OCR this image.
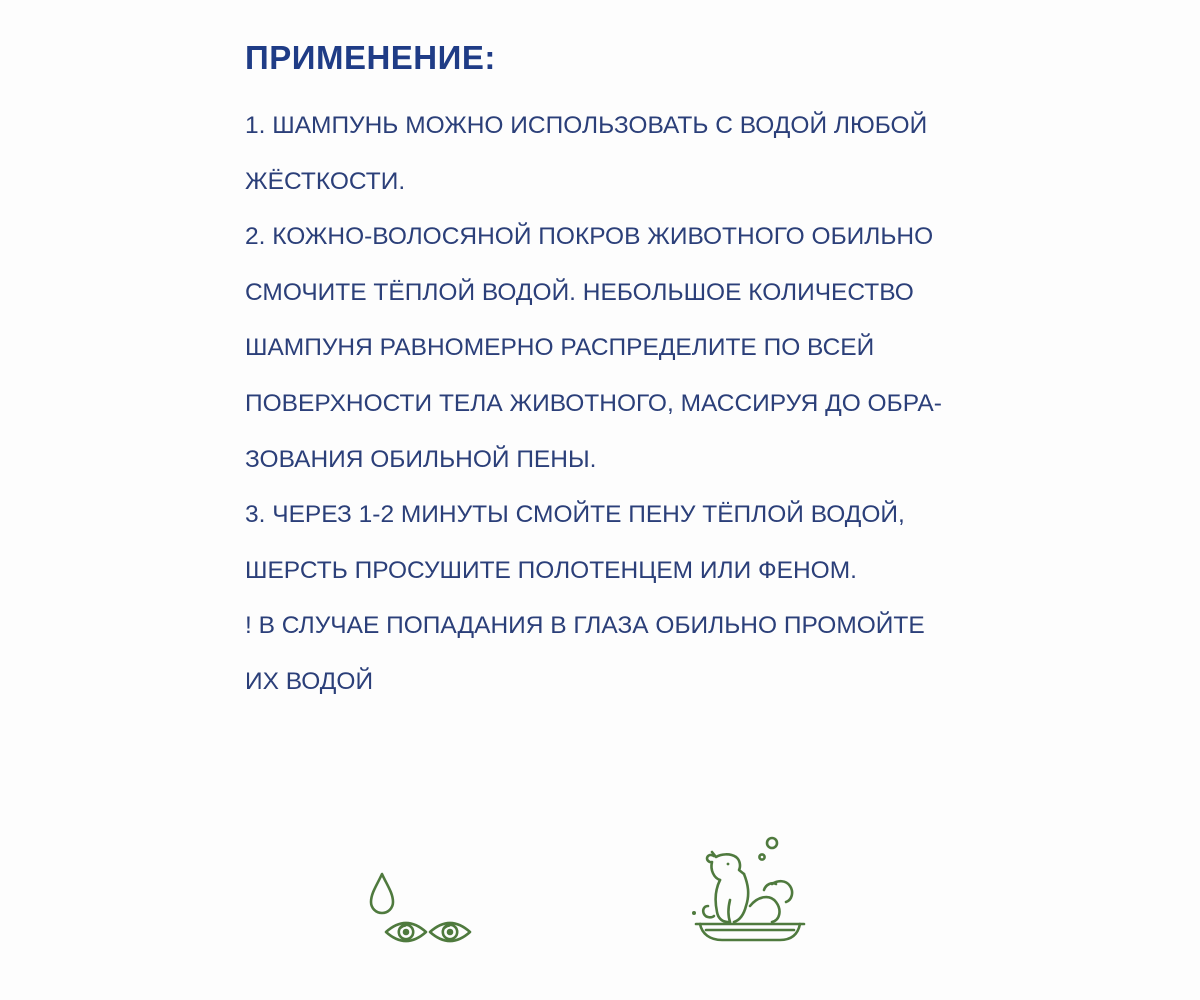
ПРИМЕНЕНИЕ:

1. ШАМПУНЬ МОЖНО ИСПОЛЬЗОВАТЬ С ВОДОЙ ЛЮБОЙ

ЖЁСТКОСТИ.

2. КОЖНО-ВОЛОСЯНОЙ ПОКРОВ ЖИВОТНОГО ОБИЛЬНО

СМОЧИТЕ ТЁПЛОЙ ВОДОЙ. НЕБОЛЬШОЕ КОЛИЧЕСТВО

ШАМПУНЯ РАВНОМЕРНО РАСПРЕДЕЛИТЕ ПО ВСЕЙ

ПОВЕРХНОСТИ ТЕЛА ЖИВОТНОГО, МАССИРУЯ ДО ОБРА-

ЗОВАНИЯ ОБИЛЬНОЙ ПЕНЫ.

3. ЧЕРЕЗ 1-2 МИНУТЫ СМОЙТЕ ПЕНУ ТЁПЛОЙ ВОДОЙ,

ШЕРСТЬ ПРОСУШИТЕ ПОЛОТЕНЦЕМ ИЛИ ФЕНОМ.

! В СЛУЧАЕ ПОПАДАНИЯ В ГЛАЗА ОБИЛЬНО ПРОМОЙТЕ

ИХ ВОДОЙ
